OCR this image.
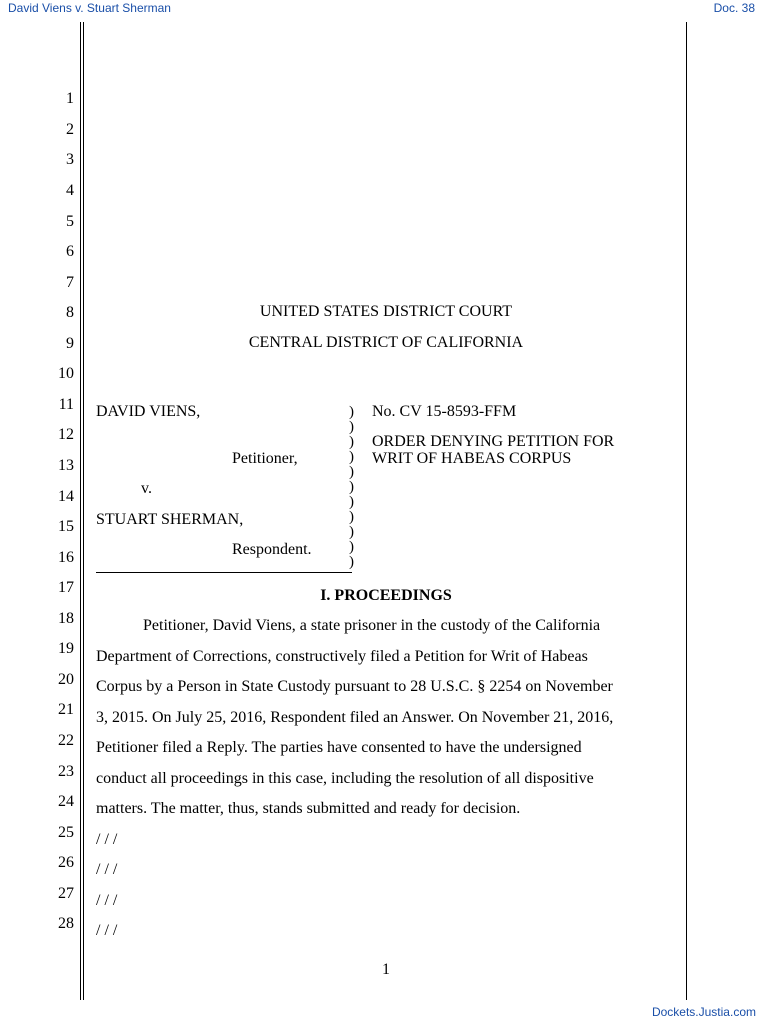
David Viens v. Stuart Sherman	Doc. 38
Dockets.Justia.com
1
2
3
4
5
6
7
8
9
10
11
12
13
14
15
16
17
18
19
20
21
22
23
24
25
26
27
28
UNITED STATES DISTRICT COURT
CENTRAL DISTRICT OF CALIFORNIA
DAVID VIENS,
Petitioner,
v.
STUART SHERMAN,
Respondent.
)
)
)
)
)
)
)
)
)
)
)
No. CV 15-8593-FFM
ORDER DENYING PETITION FOR
WRIT OF HABEAS CORPUS
I. PROCEEDINGS
Petitioner, David Viens, a state prisoner in the custody of the California
Department of Corrections, constructively filed a Petition for Writ of Habeas
Corpus by a Person in State Custody pursuant to 28 U.S.C. § 2254 on November
3, 2015. On July 25, 2016, Respondent filed an Answer. On November 21, 2016,
Petitioner filed a Reply. The parties have consented to have the undersigned
conduct all proceedings in this case, including the resolution of all dispositive
matters. The matter, thus, stands submitted and ready for decision.
/ / /
/ / /
/ / /
/ / /
1
